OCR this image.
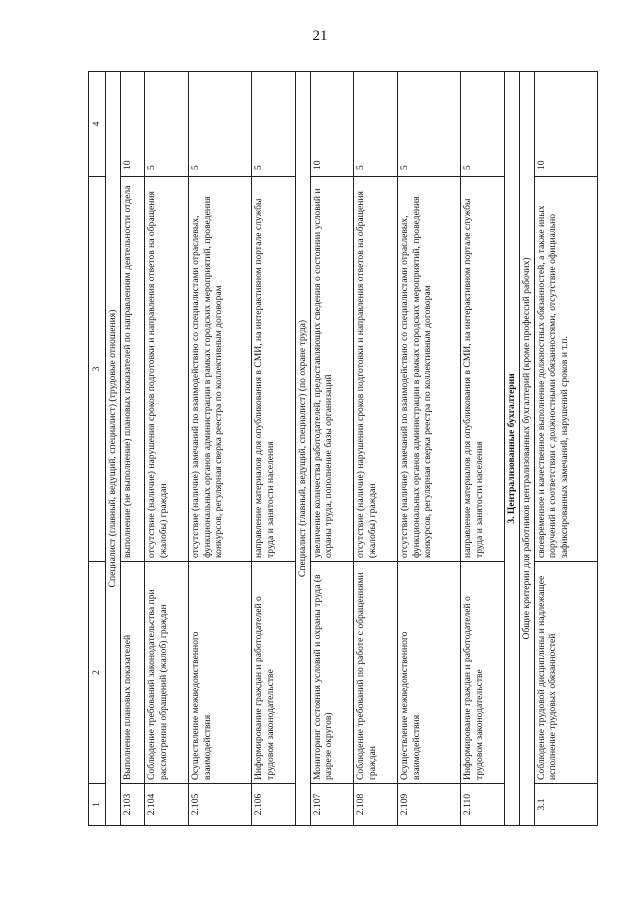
21
1	2	3	4
Специалист (главный, ведущий, специалист) (трудовые отношения)			
2.103	Выполнение плановых показателей	выполнение (не выполнение) плановых показателей по направлениям деятельности отдела	10
2.104	Соблюдение требований законодательства при рассмотрении обращений (жалоб) граждан	отсутствие (наличие) нарушения сроков подготовки и направления ответов на обращения (жалобы) граждан	5
2.105	Осуществление межведомственного взаимодействия	отсутствие (наличие) замечаний по взаимодействию со специалистами отраслевых, функциональных органов администрации в рамках городских мероприятий, проведения конкурсов, регулярная сверка реестра по коллективным договорам	5
2.106	Информирование граждан и работодателей о трудовом законодательстве	направление материалов для опубликования в СМИ, на интерактивном портале службы труда и занятости населения	5
Специалист (главный, ведущий, специалист) (по охране труда)			
2.107	Мониторинг состояния условий и охраны труда (в разрезе округов)	увеличение количества работодателей, предоставляющих сведения о состоянии условий и охраны труда, пополнение базы организаций	10
2.108	Соблюдение требований по работе с обращениями граждан	отсутствие (наличие) нарушения сроков подготовки и направления ответов на обращения (жалобы) граждан	5
2.109	Осуществление межведомственного взаимодействия	отсутствие (наличие) замечаний по взаимодействию со специалистами отраслевых, функциональных органов администрации в рамках городских мероприятий, проведения конкурсов, регулярная сверка реестра по коллективным договорам	5
2.110	Информирование граждан и работодателей о трудовом законодательстве	направление материалов для опубликования в СМИ, на интерактивном портале службы труда и занятости населения	5
3. Централизованные бухгалтерии			
Общие критерии для работников централизованных бухгалтерий (кроме профессий рабочих)			
3.1	Соблюдение трудовой дисциплины и надлежащее исполнение трудовых обязанностей	своевременное и качественное выполнение должностных обязанностей, а также иных поручений в соответствии с должностными обязанностями, отсутствие официально зафиксированных замечаний, нарушений сроков и т.п.	10
